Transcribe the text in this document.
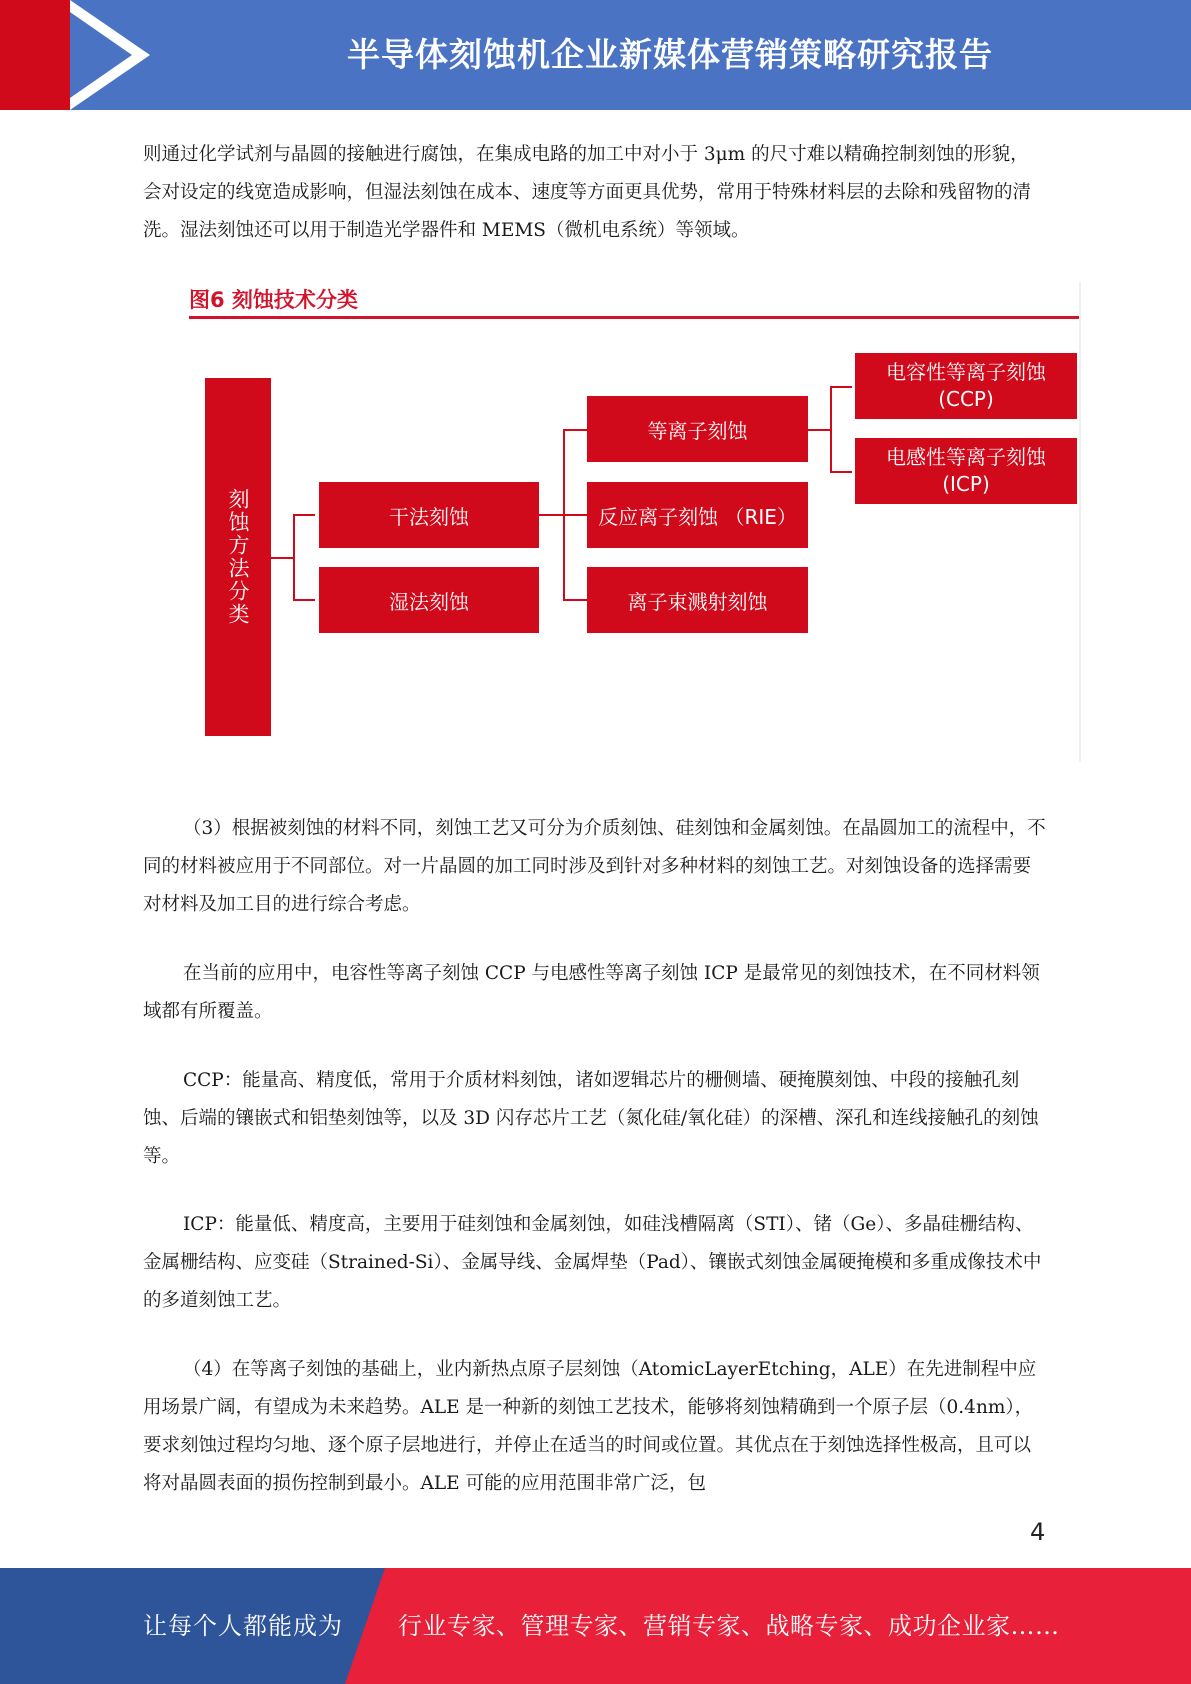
半导体刻蚀机企业新媒体营销策略研究报告

则通过化学试剂与晶圆的接触进行腐蚀，在集成电路的加工中对小于 3μm 的尺寸难以精确控制刻蚀的形貌，会对设定的线宽造成影响，但湿法刻蚀在成本、速度等方面更具优势，常用于特殊材料层的去除和残留物的清洗。湿法刻蚀还可以用于制造光学器件和 MEMS（微机电系统）等领域。

图6 刻蚀技术分类
刻蚀方法分类	干法刻蚀
湿法刻蚀
等离子刻蚀
反应离子刻蚀 （RIE）
离子束溅射刻蚀
电容性等离子刻蚀
(CCP)
电感性等离子刻蚀
(ICP)

（3）根据被刻蚀的材料不同，刻蚀工艺又可分为介质刻蚀、硅刻蚀和金属刻蚀。在晶圆加工的流程中，不同的材料被应用于不同部位。对一片晶圆的加工同时涉及到针对多种材料的刻蚀工艺。对刻蚀设备的选择需要对材料及加工目的进行综合考虑。

在当前的应用中，电容性等离子刻蚀 CCP 与电感性等离子刻蚀 ICP 是最常见的刻蚀技术，在不同材料领域都有所覆盖。

CCP：能量高、精度低，常用于介质材料刻蚀，诸如逻辑芯片的栅侧墙、硬掩膜刻蚀、中段的接触孔刻蚀、后端的镶嵌式和铝垫刻蚀等，以及 3D 闪存芯片工艺（氮化硅/氧化硅）的深槽、深孔和连线接触孔的刻蚀等。

ICP：能量低、精度高，主要用于硅刻蚀和金属刻蚀，如硅浅槽隔离（STI）、锗（Ge）、多晶硅栅结构、金属栅结构、应变硅（Strained-Si）、金属导线、金属焊垫（Pad）、镶嵌式刻蚀金属硬掩模和多重成像技术中的多道刻蚀工艺。

（4）在等离子刻蚀的基础上，业内新热点原子层刻蚀（AtomicLayerEtching，ALE）在先进制程中应用场景广阔，有望成为未来趋势。ALE 是一种新的刻蚀工艺技术，能够将刻蚀精确到一个原子层（0.4nm），要求刻蚀过程均匀地、逐个原子层地进行，并停止在适当的时间或位置。其优点在于刻蚀选择性极高，且可以将对晶圆表面的损伤控制到最小。ALE 可能的应用范围非常广泛，包

4
让每个人都能成为 行业专家、管理专家、营销专家、战略专家、成功企业家……
